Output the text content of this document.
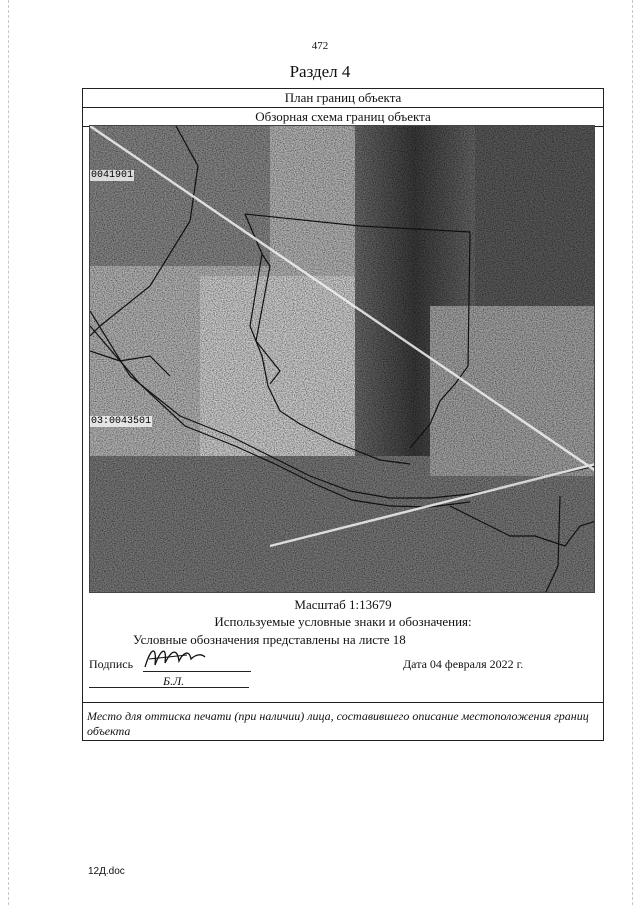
472
Раздел 4
План границ объекта
Обзорная схема границ объекта
0041901
03:0043501
Масштаб 1:13679
Используемые условные знаки и обозначения:
Условные обозначения представлены на листе 18
Подпись	Дата 04 февраля 2022 г.
Б.Л.
Место для оттиска печати (при наличии) лица, составившего описание местоположения границ объекта
12Д.doc
